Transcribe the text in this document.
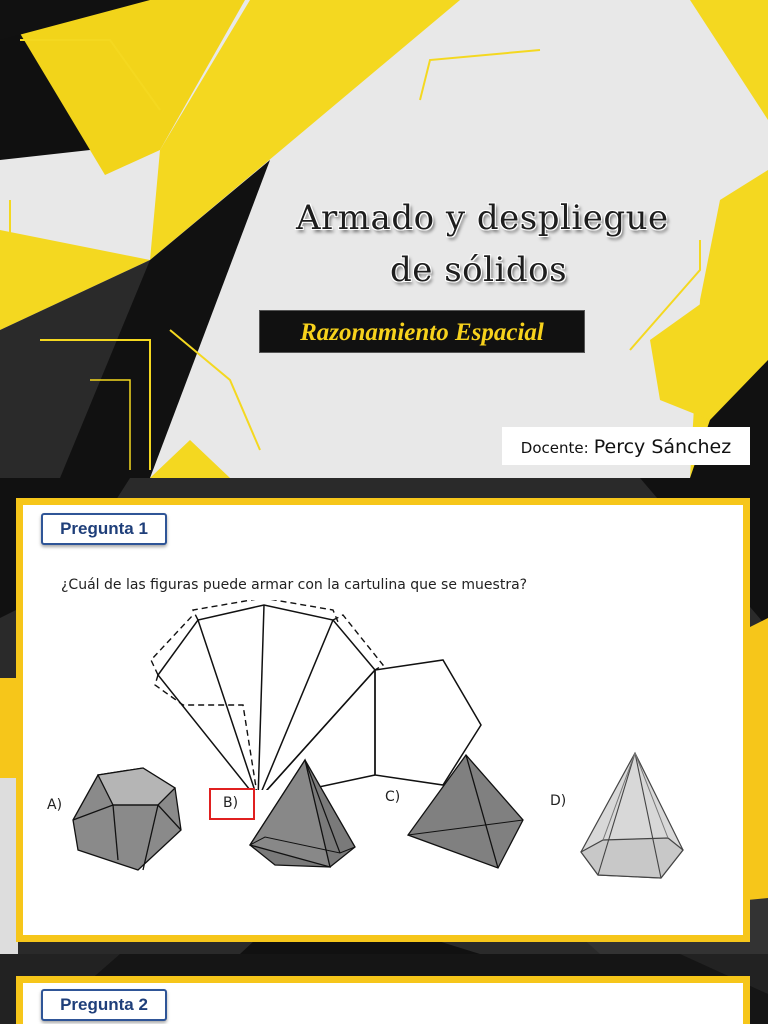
Armado y despliegue
de sólidos
Razonamiento Espacial
Docente: Percy Sánchez
Pregunta 1
¿Cuál de las figuras puede armar con la cartulina que se muestra?
A)	B)	C)	D)
Pregunta 2
